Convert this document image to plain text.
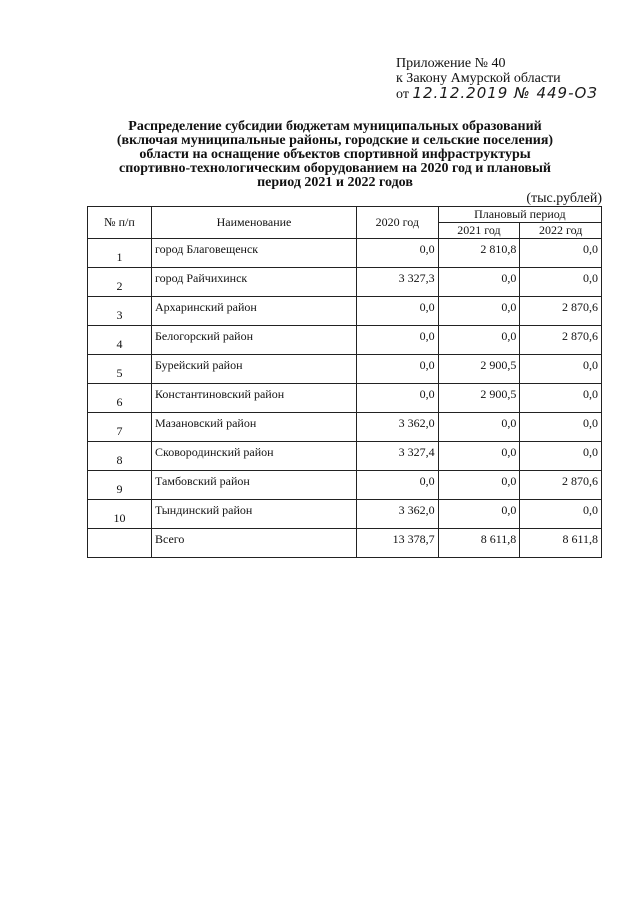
Приложение № 40
к Закону Амурской области
от 12.12.2019 № 449-ОЗ
Распределение субсидии бюджетам муниципальных образований
(включая муниципальные районы, городские и сельские поселения)
области на оснащение объектов спортивной инфраструктуры
спортивно-технологическим оборудованием на 2020 год и плановый
период 2021 и 2022 годов
(тыс.рублей)
№ п/п	Наименование	2020 год	Плановый период	
			2021 год	2022 год
1	город Благовещенск	0,0	2 810,8	0,0
2	город Райчихинск	3 327,3	0,0	0,0
3	Архаринский район	0,0	0,0	2 870,6
4	Белогорский район	0,0	0,0	2 870,6
5	Бурейский район	0,0	2 900,5	0,0
6	Константиновский район	0,0	2 900,5	0,0
7	Мазановский район	3 362,0	0,0	0,0
8	Сковородинский район	3 327,4	0,0	0,0
9	Тамбовский район	0,0	0,0	2 870,6
10	Тындинский район	3 362,0	0,0	0,0
	Всего	13 378,7	8 611,8	8 611,8
